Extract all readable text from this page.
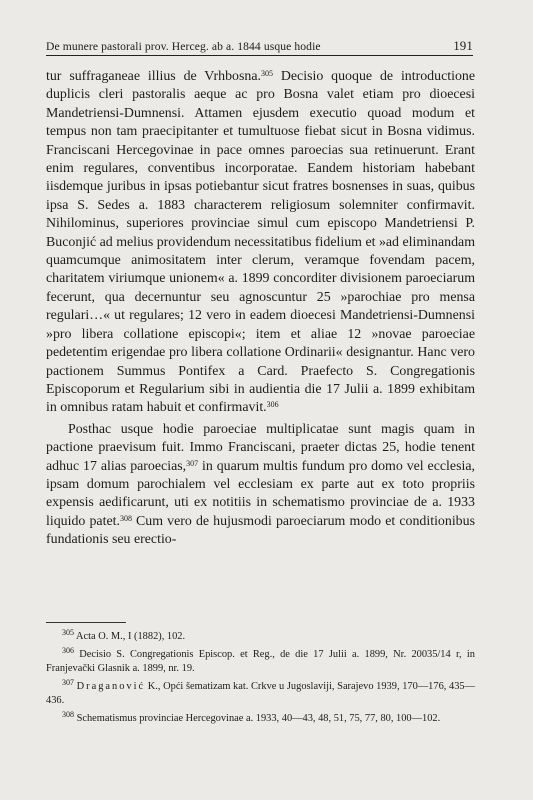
De munere pastorali prov. Herceg. ab a. 1844 usque hodie	191

tur suffraganeae illius de Vrhbosna.$^{305}$ Decisio quoque de introductione duplicis cleri pastoralis aeque ac pro Bosna valet etiam pro dioecesi Mandetriensi-Dumnensi. Attamen ejusdem executio quoad modum et tempus non tam praecipitanter et tumultuose fiebat sicut in Bosna vidimus. Franciscani Hercegovinae in pace omnes paroecias sua retinuerunt. Erant enim regulares, conventibus incorporatae. Eandem historiam habebant iisdemque juribus in ipsas potiebantur sicut fratres bosnenses in suas, quibus ipsa S. Sedes a. 1883 characterem religiosum solemniter confirmavit. Nihilominus, superiores provinciae simul cum episcopo Mandetriensi P. Buconjić ad melius providendum necessitatibus fidelium et »ad eliminandam quamcumque animositatem inter clerum, veramque fovendam pacem, charitatem viriumque unionem« a. 1899 concorditer divisionem paroeciarum fecerunt, qua decernuntur seu agnoscuntur 25 »parochiae pro mensa regulari…« ut regulares; 12 vero in eadem dioecesi Mandetriensi-Dumnensi »pro libera collatione episcopi«; item et aliae 12 »novae paroeciae pedetentim erigendae pro libera collatione Ordinarii« designantur. Hanc vero pactionem Summus Pontifex a Card. Praefecto S. Congregationis Episcoporum et Regularium sibi in audientia die 17 Julii a. 1899 exhibitam in omnibus ratam habuit et confirmavit.$^{306}$

Posthac usque hodie paroeciae multiplicatae sunt magis quam in pactione praevisum fuit. Immo Franciscani, praeter dictas 25, hodie tenent adhuc 17 alias paroecias,$^{307}$ in quarum multis fundum pro domo vel ecclesia, ipsam domum parochialem vel ecclesiam ex parte aut ex toto propriis expensis aedificarunt, uti ex notitiis in schematismo provinciae de a. 1933 liquido patet.$^{308}$ Cum vero de hujusmodi paroeciarum modo et conditionibus fundationis seu erectio-

$^{305}$ Acta O. M., I (1882), 102.

$^{306}$ Decisio S. Congregationis Episcop. et Reg., de die 17 Julii a. 1899, Nr. 20035/14 r, in Franjevački Glasnik a. 1899, nr. 19.

$^{307}$ Draganović K., Opći šematizam kat. Crkve u Jugoslaviji, Sarajevo 1939, 170—176, 435—436.

$^{308}$ Schematismus provinciae Hercegovinae a. 1933, 40—43, 48, 51, 75, 77, 80, 100—102.
